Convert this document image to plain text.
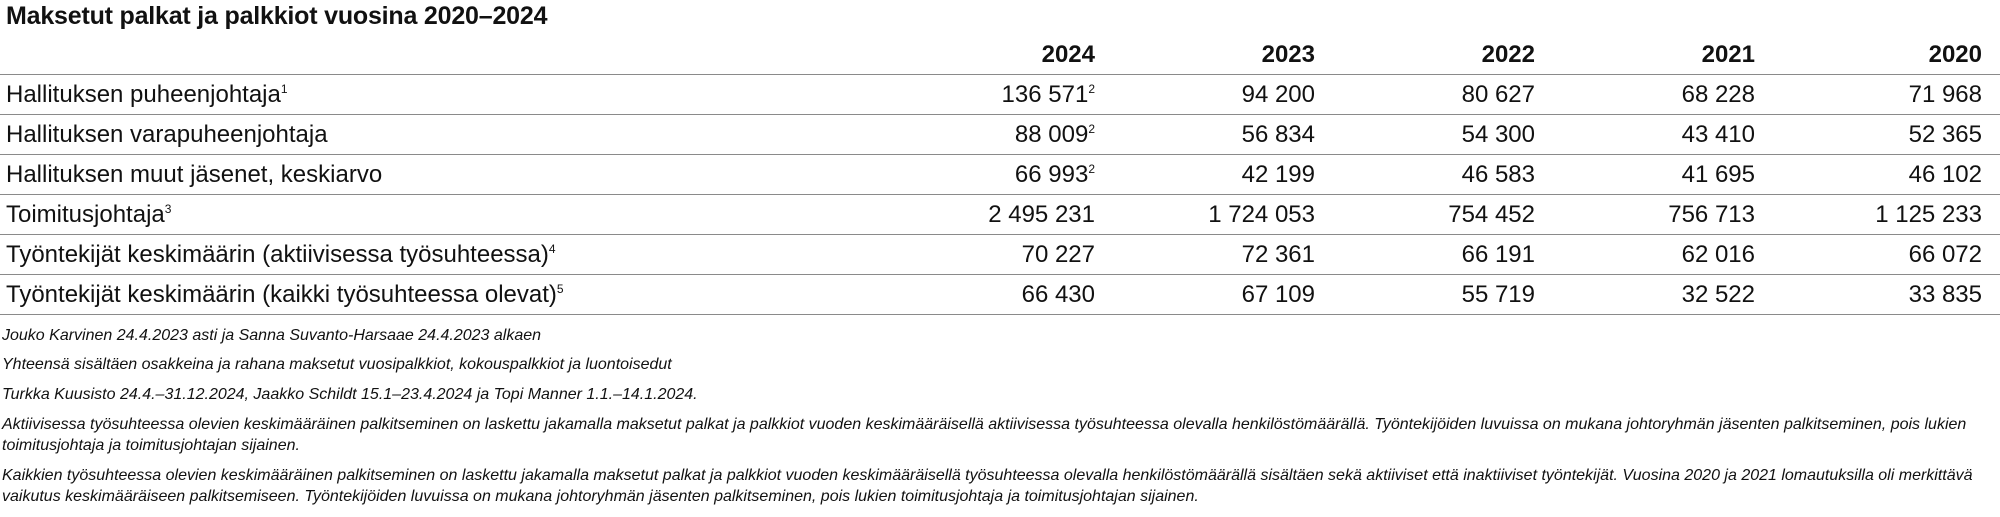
Maksetut palkat ja palkkiot vuosina 2020–2024
	2024	2023	2022	2021	2020
Hallituksen puheenjohtaja$^1$	136 $571^2$	94 200	80 627	68 228	71 968
Hallituksen varapuheenjohtaja	88 $009^2$	56 834	54 300	43 410	52 365
Hallituksen muut jäsenet, keskiarvo	66 $993^2$	42 199	46 583	41 695	46 102
Toimitusjohtaja$^3$	2 495 231	1 724 053	754 452	756 713	1 125 233
Työntekijät keskimäärin (aktiivisessa työsuhteessa)$^4$	70 227	72 361	66 191	62 016	66 072
Työntekijät keskimäärin (kaikki työsuhteessa olevat)$^5$	66 430	67 109	55 719	32 522	33 835

Jouko Karvinen 24.4.2023 asti ja Sanna Suvanto-Harsaae 24.4.2023 alkaen

Yhteensä sisältäen osakkeina ja rahana maksetut vuosipalkkiot, kokouspalkkiot ja luontoisedut

Turkka Kuusisto 24.4.–31.12.2024, Jaakko Schildt 15.1–23.4.2024 ja Topi Manner 1.1.–14.1.2024.

Aktiivisessa työsuhteessa olevien keskimääräinen palkitseminen on laskettu jakamalla maksetut palkat ja palkkiot vuoden keskimääräisellä aktiivisessa työsuhteessa olevalla henkilöstömäärällä. Työntekijöiden luvuissa on mukana johtoryhmän jäsenten palkitseminen, pois lukien toimitusjohtaja ja toimitusjohtajan sijainen.

Kaikkien työsuhteessa olevien keskimääräinen palkitseminen on laskettu jakamalla maksetut palkat ja palkkiot vuoden keskimääräisellä työsuhteessa olevalla henkilöstömäärällä sisältäen sekä aktiiviset että inaktiiviset työntekijät. Vuosina 2020 ja 2021 lomautuksilla oli merkittävä vaikutus keskimääräiseen palkitsemiseen. Työntekijöiden luvuissa on mukana johtoryhmän jäsenten palkitseminen, pois lukien toimitusjohtaja ja toimitusjohtajan sijainen.
